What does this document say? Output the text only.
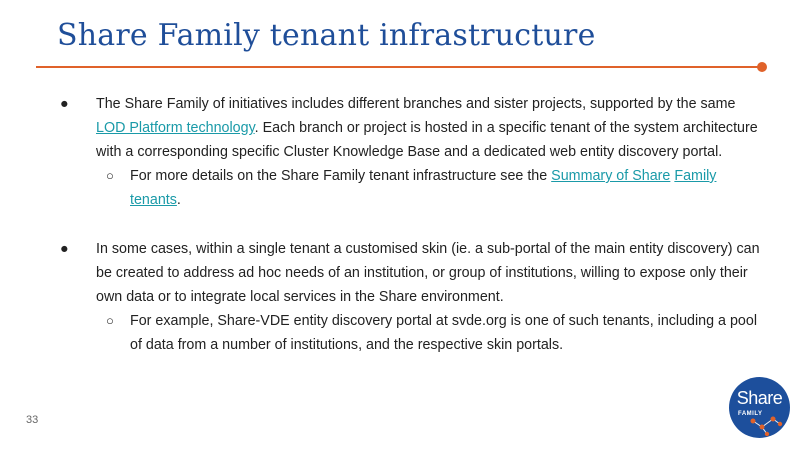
Share Family tenant infrastructure
● The Share Family of initiatives includes different branches and sister projects, supported by the same LOD Platform technology. Each branch or project is hosted in a specific tenant of the system architecture with a corresponding specific Cluster Knowledge Base and a dedicated web entity discovery portal.
○ For more details on the Share Family tenant infrastructure see the Summary of Share Family tenants.
● In some cases, within a single tenant a customised skin (ie. a sub-portal of the main entity discovery) can be created to address ad hoc needs of an institution, or group of institutions, willing to expose only their own data or to integrate local services in the Share environment.
○ For example, Share-VDE entity discovery portal at svde.org is one of such tenants, including a pool of data from a number of institutions, and the respective skin portals.
33
Share
FAMILY
